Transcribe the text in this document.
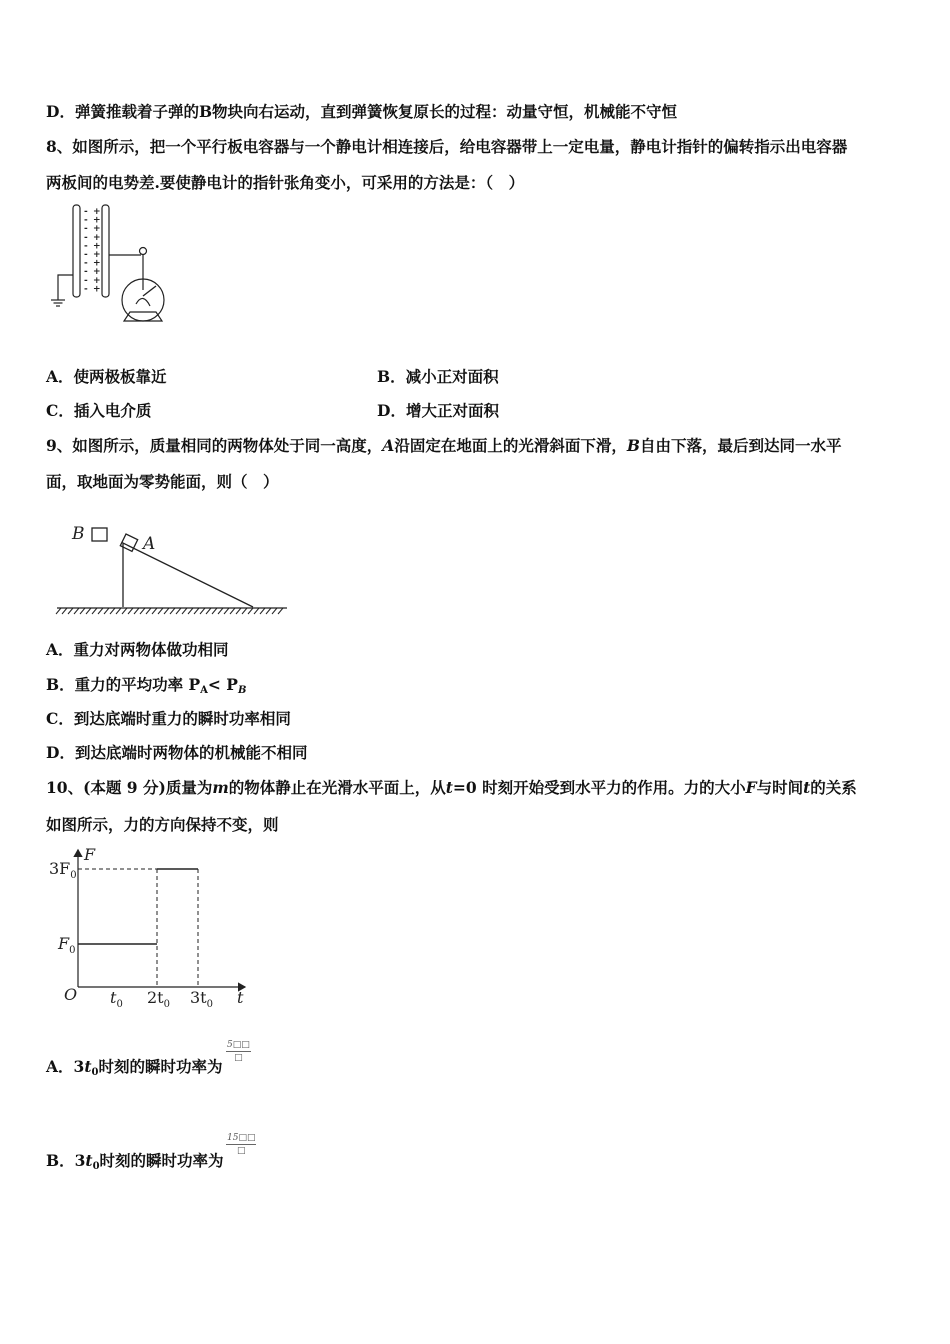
D．弹簧推载着子弹的B物块向右运动，直到弹簧恢复原长的过程：动量守恒，机械能不守恒
8、如图所示，把一个平行板电容器与一个静电计相连接后，给电容器带上一定电量，静电计指针的偏转指示出电容器
两板间的电势差.要使静电计的指针张角变小，可采用的方法是：（　）
-
-
-
-
-
-
-
-
-
-
+
+
+
+
+
+
+
+
+
+
A．使两极板靠近	B．减小正对面积
C．插入电介质	D．增大正对面积
9、如图所示，质量相同的两物体处于同一高度，A沿固定在地面上的光滑斜面下滑，B自由下落，最后到达同一水平
面，取地面为零势能面，则（　）
B	A
A．重力对两物体做功相同
B．重力的平均功率 $P_A< P_B$
C．到达底端时重力的瞬时功率相同
D．到达底端时两物体的机械能不相同
10、(本题 9 分)质量为m的物体静止在光滑水平面上，从t=0 时刻开始受到水平力的作用。力的大小F与时间t的关系
如图所示，力的方向保持不变，则
F
t
O
$3F_0$
$F_0$
$t_0$ $2t_0$ $3t_0$
A．$3t_0$时刻的瞬时功率为
5□□
□
B．$3t_0$时刻的瞬时功率为
15□□
□
